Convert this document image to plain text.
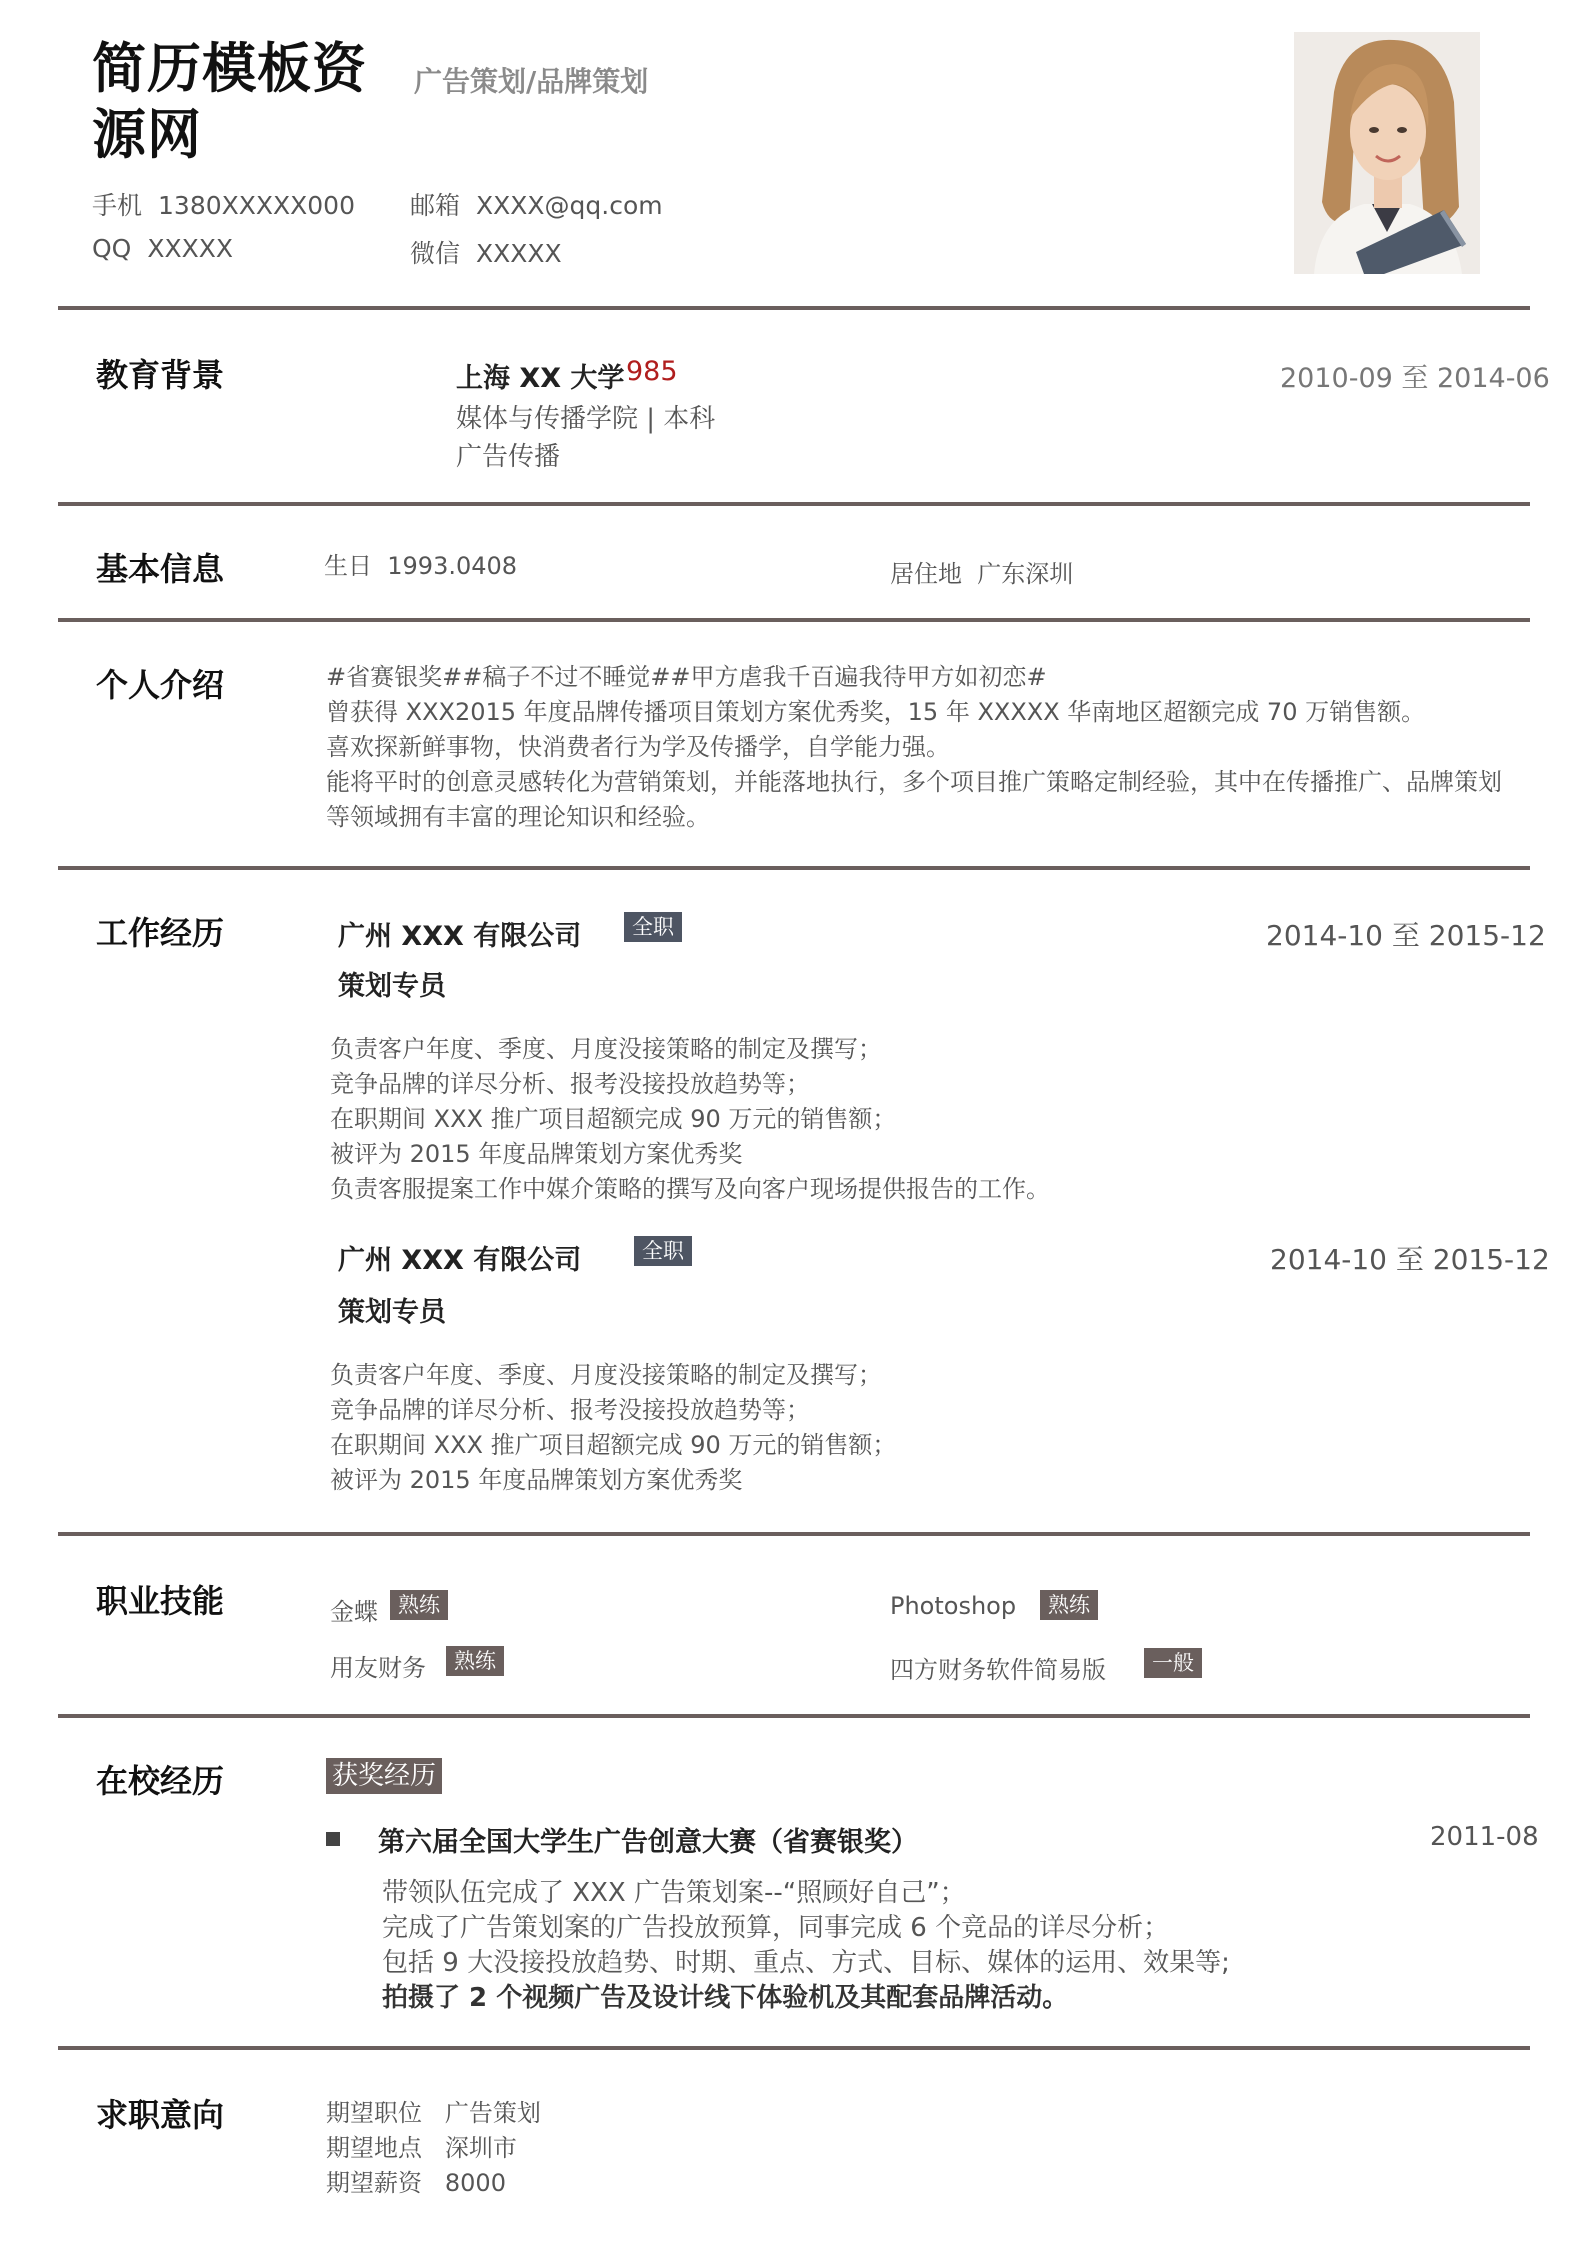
简历模板资源网
广告策划/品牌策划
手机 1380XXXXX000 邮箱 XXXX@qq.com
QQ XXXXX	微信 XXXXX
教育背景	上海 XX 大学 985	2010-09 至 2014-06
媒体与传播学院 | 本科
广告传播
基本信息	生日 1993.0408	居住地 广东深圳
个人介绍	#省赛银奖##稿子不过不睡觉##甲方虐我千百遍我待甲方如初恋#
曾获得 XXX2015 年度品牌传播项目策划方案优秀奖，15 年 XXXXX 华南地区超额完成 70 万销售额。
喜欢探新鲜事物，快消费者行为学及传播学，自学能力强。
能将平时的创意灵感转化为营销策划，并能落地执行，多个项目推广策略定制经验，其中在传播推广、品牌策划
等领域拥有丰富的理论知识和经验。
工作经历	广州 XXX 有限公司	全职	2014-10 至 2015-12
策划专员
负责客户年度、季度、月度没接策略的制定及撰写；
竞争品牌的详尽分析、报考没接投放趋势等；
在职期间 XXX 推广项目超额完成 90 万元的销售额；
被评为 2015 年度品牌策划方案优秀奖
负责客服提案工作中媒介策略的撰写及向客户现场提供报告的工作。
广州 XXX 有限公司	全职	2014-10 至 2015-12
策划专员
负责客户年度、季度、月度没接策略的制定及撰写；
竞争品牌的详尽分析、报考没接投放趋势等；
在职期间 XXX 推广项目超额完成 90 万元的销售额；
被评为 2015 年度品牌策划方案优秀奖
职业技能	金蝶 熟练	Photoshop	熟练
用友财务	熟练	四方财务软件简易版	一般
在校经历	获奖经历
第六届全国大学生广告创意大赛（省赛银奖）	2011-08
带领队伍完成了 XXX 广告策划案--“照顾好自己”；
完成了广告策划案的广告投放预算，同事完成 6 个竞品的详尽分析；
包括 9 大没接投放趋势、时期、重点、方式、目标、媒体的运用、效果等;
拍摄了 2 个视频广告及设计线下体验机及其配套品牌活动。
求职意向	期望职位 广告策划
期望地点 深圳市
期望薪资 8000
